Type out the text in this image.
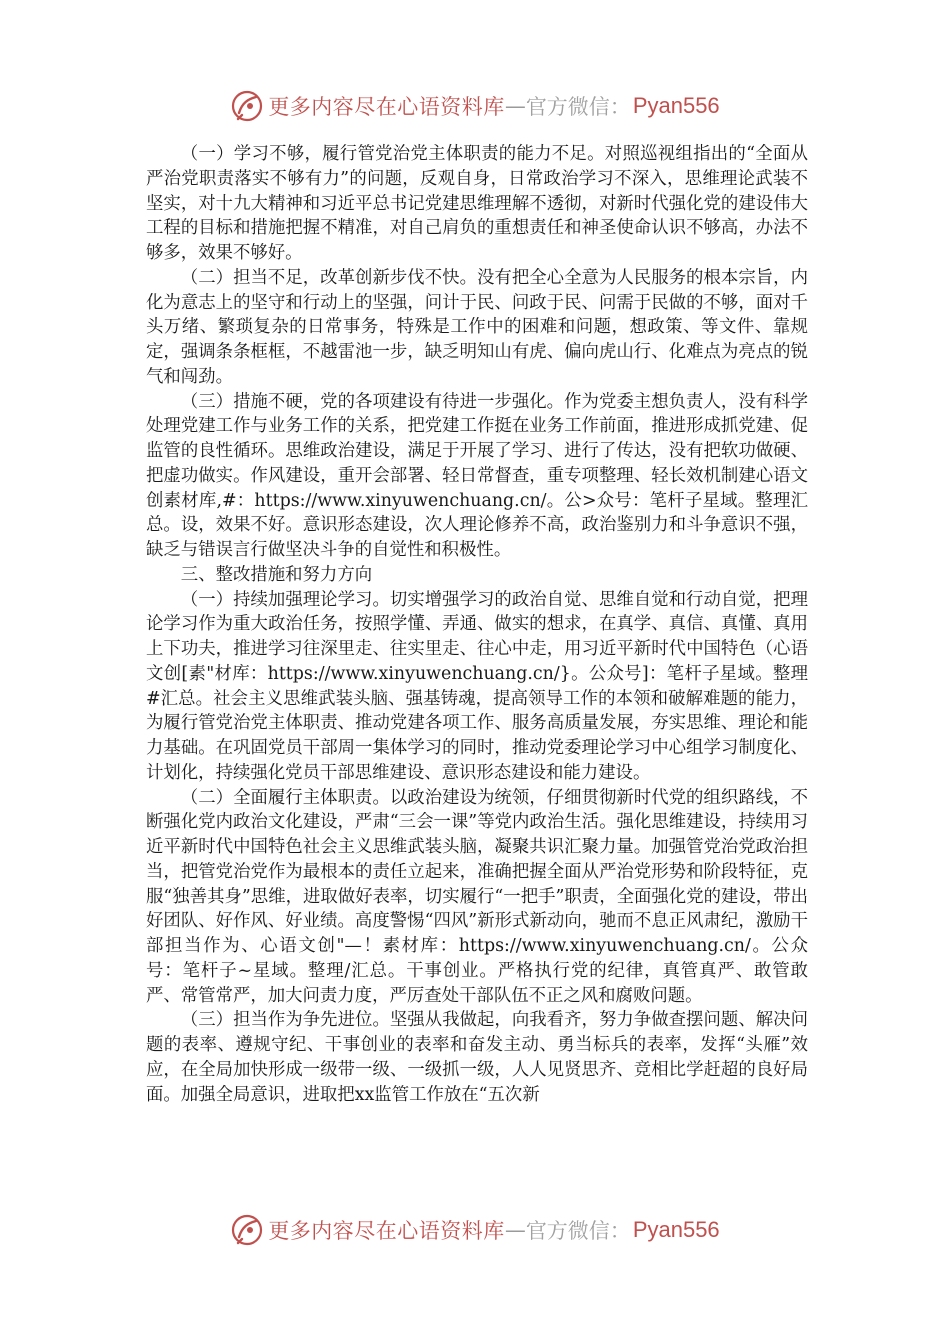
更多内容尽在心语资料库 — 官方微信： Pyan556

（一）学习不够，履行管党治党主体职责的能力不足。对照巡视组指出的“全面从严治党职责落实不够有力”的问题，反观自身，日常政治学习不深入，思维理论武装不坚实，对十九大精神和习近平总书记党建思维理解不透彻，对新时代强化党的建设伟大工程的目标和措施把握不精准，对自己肩负的重想责任和神圣使命认识不够高，办法不够多，效果不够好。

（二）担当不足，改革创新步伐不快。没有把全心全意为人民服务的根本宗旨，内化为意志上的坚守和行动上的坚强，问计于民、问政于民、问需于民做的不够，面对千头万绪、繁琐复杂的日常事务，特殊是工作中的困难和问题，想政策、等文件、靠规定，强调条条框框，不越雷池一步，缺乏明知山有虎、偏向虎山行、化难点为亮点的锐气和闯劲。

（三）措施不硬，党的各项建设有待进一步强化。作为党委主想负责人，没有科学处理党建工作与业务工作的关系，把党建工作挺在业务工作前面，推进形成抓党建、促监管的良性循环。思维政治建设，满足于开展了学习、进行了传达，没有把软功做硬、把虚功做实。作风建设，重开会部署、轻日常督查，重专项整理、轻长效机制建心语文创素材库,#：https://www.xinyuwenchuang.cn/。公>众号：笔杆子星域。整理汇总。设，效果不好。意识形态建设，次人理论修养不高，政治鉴别力和斗争意识不强，缺乏与错误言行做坚决斗争的自觉性和积极性。

三、整改措施和努力方向

（一）持续加强理论学习。切实增强学习的政治自觉、思维自觉和行动自觉，把理论学习作为重大政治任务，按照学懂、弄通、做实的想求，在真学、真信、真懂、真用上下功夫，推进学习往深里走、往实里走、往心中走，用习近平新时代中国特色（心语文创[素"材库：https://www.xinyuwenchuang.cn/}。公众号]：笔杆子星域。整理#汇总。社会主义思维武装头脑、强基铸魂，提高领导工作的本领和破解难题的能力，为履行管党治党主体职责、推动党建各项工作、服务高质量发展，夯实思维、理论和能力基础。在巩固党员干部周一集体学习的同时，推动党委理论学习中心组学习制度化、计划化，持续强化党员干部思维建设、意识形态建设和能力建设。

（二）全面履行主体职责。以政治建设为统领，仔细贯彻新时代党的组织路线，不断强化党内政治文化建设，严肃“三会一课”等党内政治生活。强化思维建设，持续用习近平新时代中国特色社会主义思维武装头脑，凝聚共识汇聚力量。加强管党治党政治担当，把管党治党作为最根本的责任立起来，准确把握全面从严治党形势和阶段特征，克服“独善其身”思维，进取做好表率，切实履行“一把手”职责，全面强化党的建设，带出好团队、好作风、好业绩。高度警惕“四风”新形式新动向，驰而不息正风肃纪，激励干部担当作为、心语文创"—！素材库：https://www.xinyuwenchuang.cn/。公众号：笔杆子~星域。整理/汇总。干事创业。严格执行党的纪律，真管真严、敢管敢严、常管常严，加大问责力度，严厉查处干部队伍不正之风和腐败问题。

（三）担当作为争先进位。坚强从我做起，向我看齐，努力争做查摆问题、解决问题的表率、遵规守纪、干事创业的表率和奋发主动、勇当标兵的表率，发挥“头雁”效应，在全局加快形成一级带一级、一级抓一级，人人见贤思齐、竞相比学赶超的良好局面。加强全局意识，进取把xx监管工作放在“五次新

更多内容尽在心语资料库 — 官方微信： Pyan556
